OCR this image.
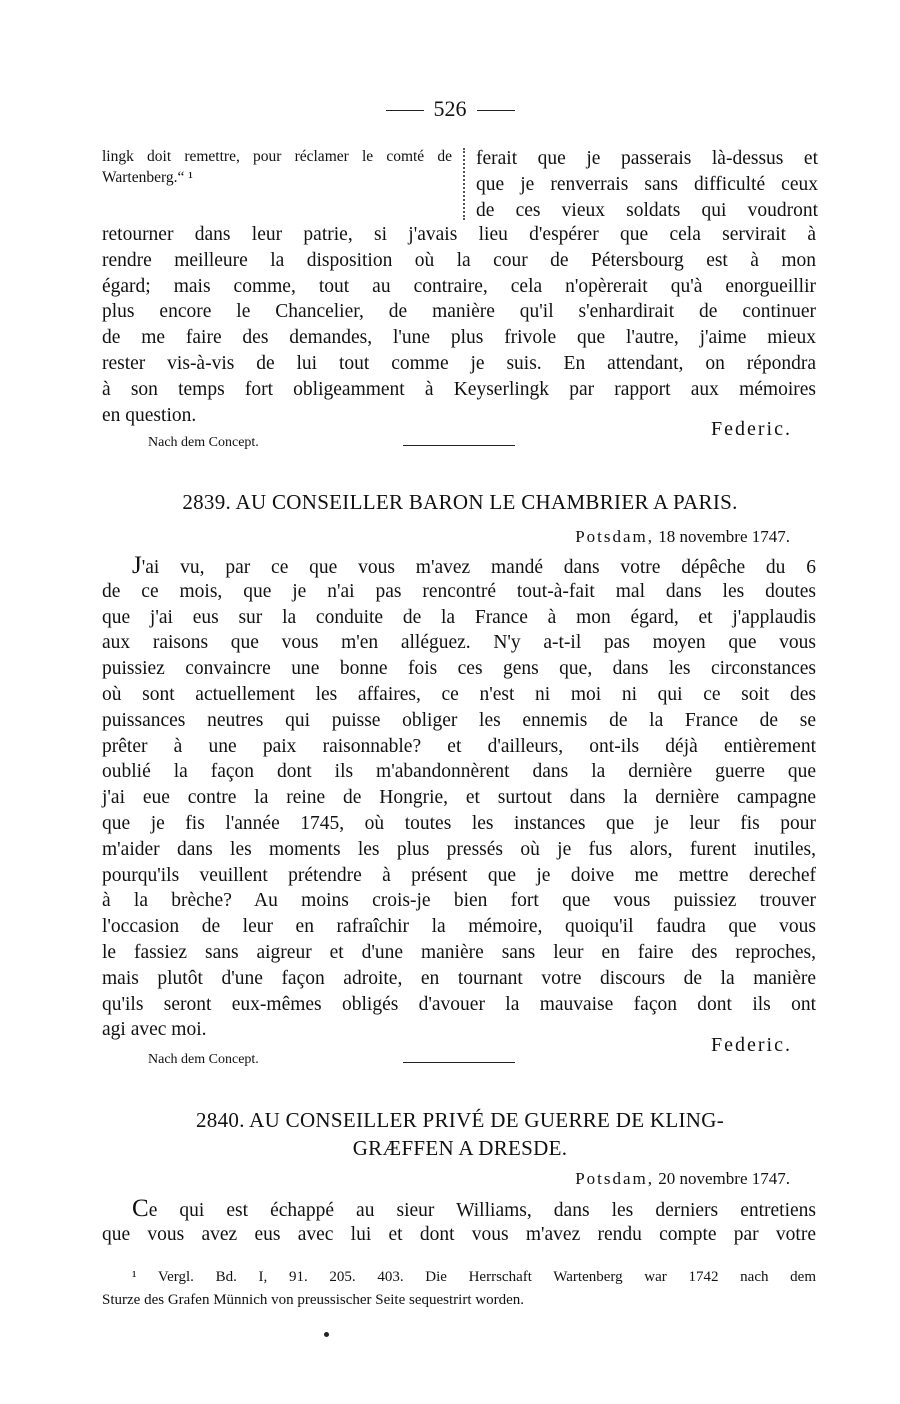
526
lingk doit remettre, pour réclamer le comté de Wartenberg.“ ¹
ferait que je passerais là-dessus et
que je renverrais sans difficulté ceux
de ces vieux soldats qui voudront
retourner dans leur patrie, si j'avais lieu d'espérer que cela servirait à
rendre meilleure la disposition où la cour de Pétersbourg est à mon
égard; mais comme, tout au contraire, cela n'opèrerait qu'à enorgueillir
plus encore le Chancelier, de manière qu'il s'enhardirait de continuer
de me faire des demandes, l'une plus frivole que l'autre, j'aime mieux
rester vis-à-vis de lui tout comme je suis. En attendant, on répondra
à son temps fort obligeamment à Keyserlingk par rapport aux mémoires
en question.
Federic.
Nach dem Concept.
2839. AU CONSEILLER BARON LE CHAMBRIER A PARIS.
Potsdam, 18 novembre 1747.
J'ai vu, par ce que vous m'avez mandé dans votre dépêche du 6
de ce mois, que je n'ai pas rencontré tout-à-fait mal dans les doutes
que j'ai eus sur la conduite de la France à mon égard, et j'applaudis
aux raisons que vous m'en alléguez. N'y a-t-il pas moyen que vous
puissiez convaincre une bonne fois ces gens que, dans les circonstances
où sont actuellement les affaires, ce n'est ni moi ni qui ce soit des
puissances neutres qui puisse obliger les ennemis de la France de se
prêter à une paix raisonnable? et d'ailleurs, ont-ils déjà entièrement
oublié la façon dont ils m'abandonnèrent dans la dernière guerre que
j'ai eue contre la reine de Hongrie, et surtout dans la dernière campagne
que je fis l'année 1745, où toutes les instances que je leur fis pour
m'aider dans les moments les plus pressés où je fus alors, furent inutiles,
pourqu'ils veuillent prétendre à présent que je doive me mettre derechef
à la brèche? Au moins crois-je bien fort que vous puissiez trouver
l'occasion de leur en rafraîchir la mémoire, quoiqu'il faudra que vous
le fassiez sans aigreur et d'une manière sans leur en faire des reproches,
mais plutôt d'une façon adroite, en tournant votre discours de la manière
qu'ils seront eux-mêmes obligés d'avouer la mauvaise façon dont ils ont
agi avec moi.
Federic.
Nach dem Concept.
2840. AU CONSEILLER PRIVÉ DE GUERRE DE KLING-
GRÆFFEN A DRESDE.
Potsdam, 20 novembre 1747.
Ce qui est échappé au sieur Williams, dans les derniers entretiens
que vous avez eus avec lui et dont vous m'avez rendu compte par votre
¹ Vergl. Bd. I, 91. 205. 403. Die Herrschaft Wartenberg war 1742 nach dem
Sturze des Grafen Münnich von preussischer Seite sequestrirt worden.
